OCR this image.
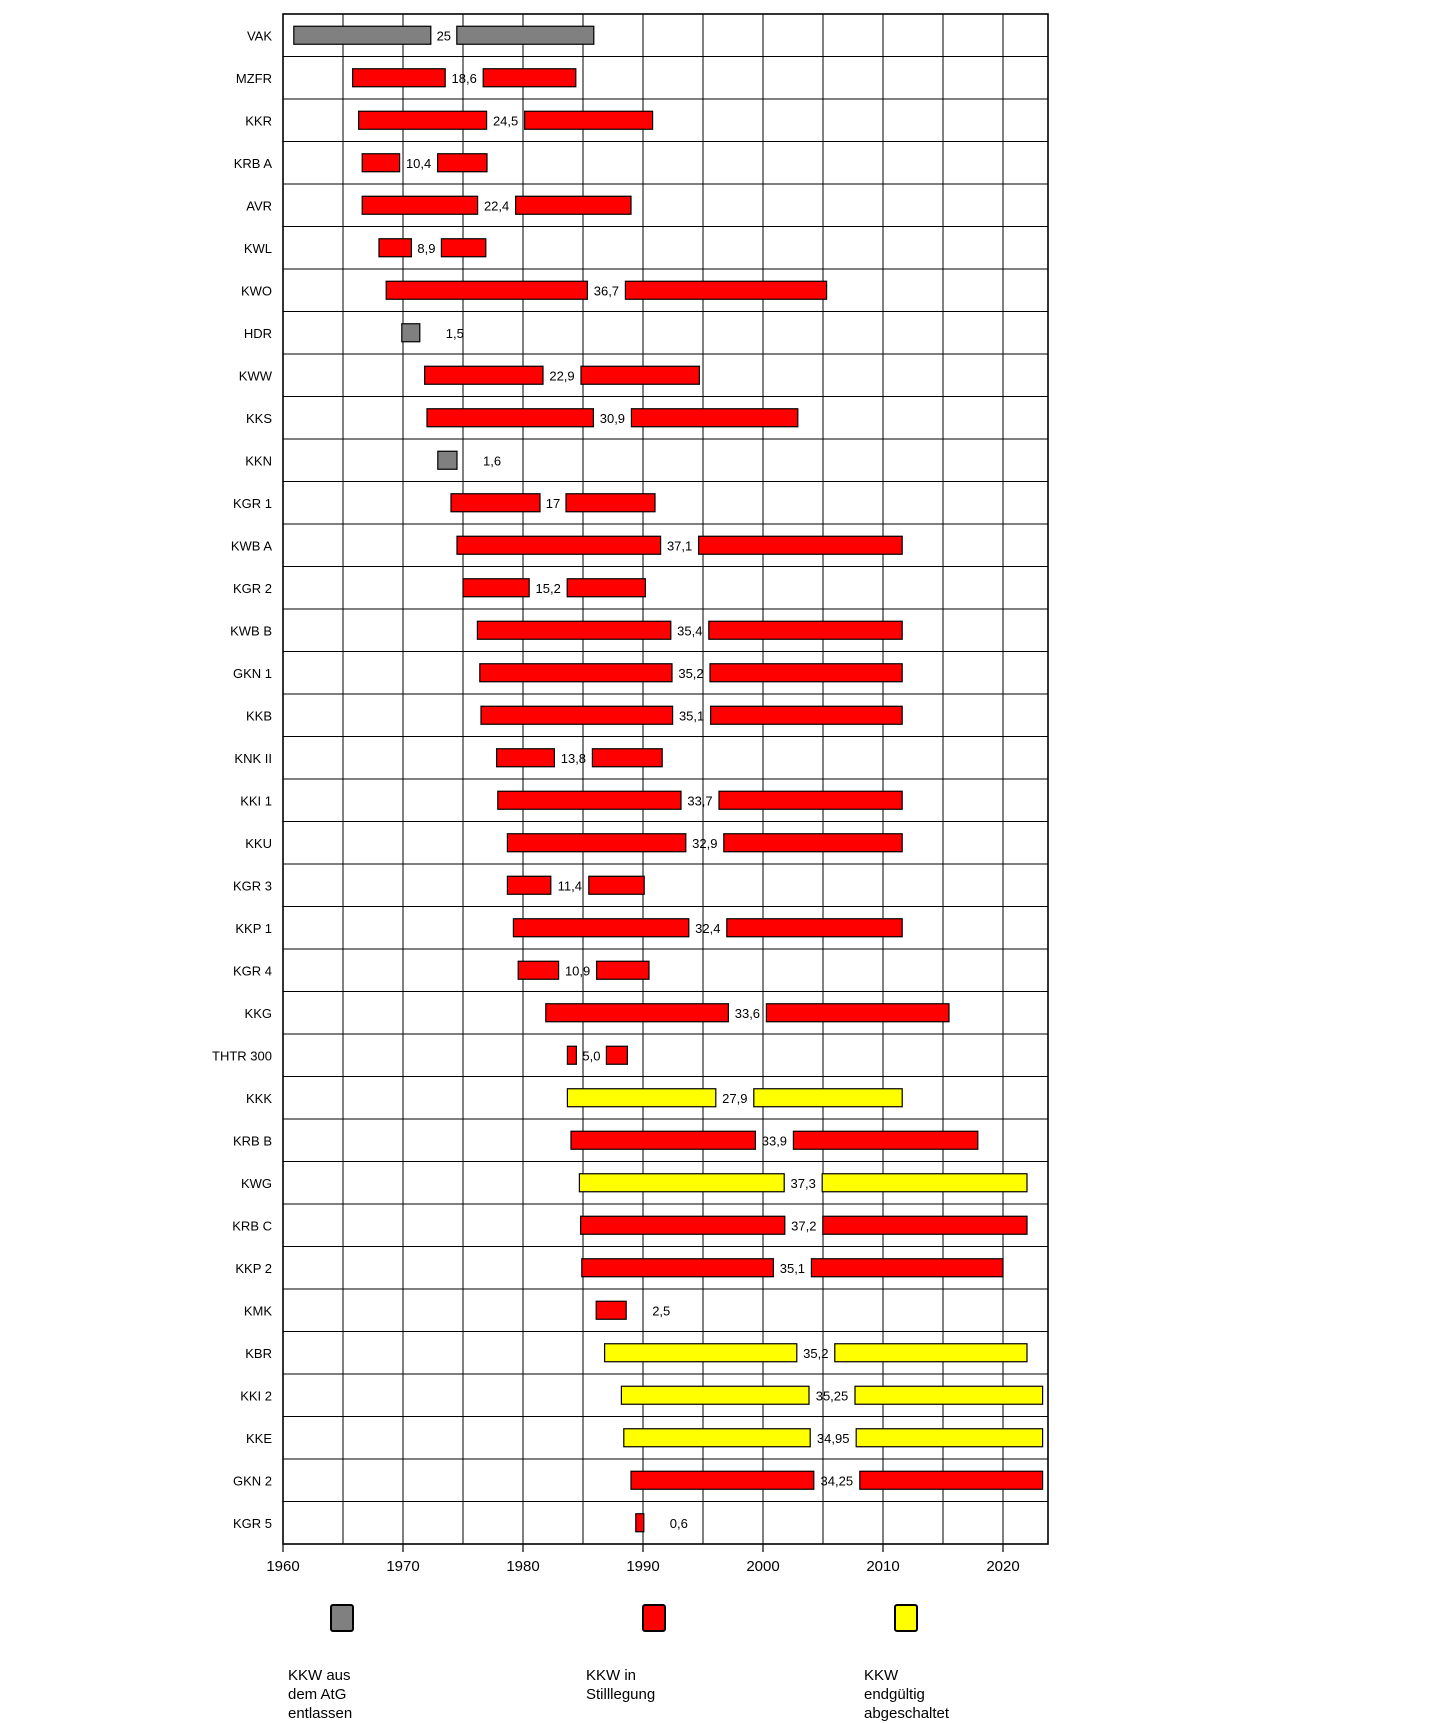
VAK
MZFR
KKR
KRB A
AVR
KWL
KWO
HDR
KWW
KKS
KKN
KGR 1
KWB A
KGR 2
KWB B
GKN 1
KKB
KNK II
KKI 1
KKU
KGR 3
KKP 1
KGR 4
KKG
THTR 300
KKK
KRB B
KWG
KRB C
KKP 2
KMK
KBR
KKI 2
KKE
GKN 2
KGR 5
25
18,6
24,5
10,4
22,4
8,9
36,7
1,5
22,9
30,9
1,6
17
37,1
15,2
35,4
35,2
35,1
13,8
33,7
32,9
11,4
32,4
10,9
33,6
5,0
27,9
33,9
37,3
37,2
35,1
2,5
35,2
35,25
34,95
34,25
0,6
1960	1970	1980	1990	2000	2010	2020
KKW aus dem AtG
entlassen
KKW in Stilllegung
KKW endgültig
abgeschaltet
